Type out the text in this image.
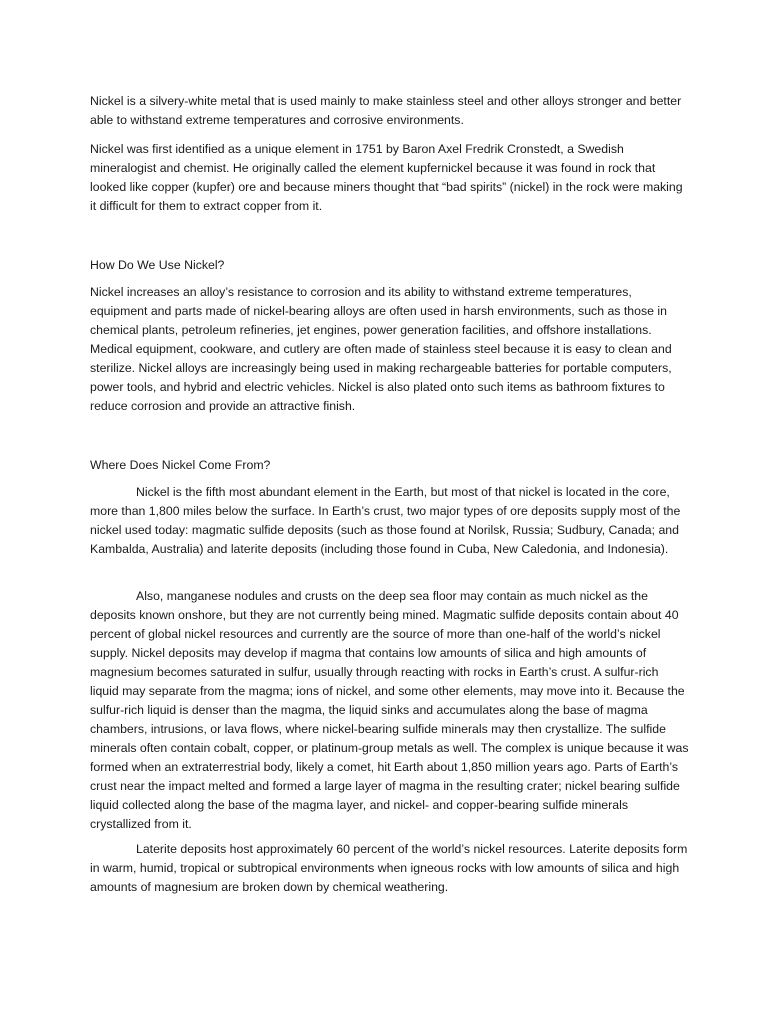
Nickel is a silvery-white metal that is used mainly to make stainless steel and other alloys stronger and better able to withstand extreme temperatures and corrosive environments.

Nickel was first identified as a unique element in 1751 by Baron Axel Fredrik Cronstedt, a Swedish mineralogist and chemist. He originally called the element kupfernickel because it was found in rock that looked like copper (kupfer) ore and because miners thought that “bad spirits” (nickel) in the rock were making it difficult for them to extract copper from it.

How Do We Use Nickel?

Nickel increases an alloy’s resistance to corrosion and its ability to withstand extreme temperatures, equipment and parts made of nickel-bearing alloys are often used in harsh environments, such as those in chemical plants, petroleum refineries, jet engines, power generation facilities, and offshore installations. Medical equipment, cookware, and cutlery are often made of stainless steel because it is easy to clean and sterilize. Nickel alloys are increasingly being used in making rechargeable batteries for portable computers, power tools, and hybrid and electric vehicles. Nickel is also plated onto such items as bathroom fixtures to reduce corrosion and provide an attractive finish.

Where Does Nickel Come From?

Nickel is the fifth most abundant element in the Earth, but most of that nickel is located in the core, more than 1,800 miles below the surface. In Earth’s crust, two major types of ore deposits supply most of the nickel used today: magmatic sulfide deposits (such as those found at Norilsk, Russia; Sudbury, Canada; and Kambalda, Australia) and laterite deposits (including those found in Cuba, New Caledonia, and Indonesia).

Also, manganese nodules and crusts on the deep sea floor may contain as much nickel as the deposits known onshore, but they are not currently being mined. Magmatic sulfide deposits contain about 40 percent of global nickel resources and currently are the source of more than one-half of the world’s nickel supply. Nickel deposits may develop if magma that contains low amounts of silica and high amounts of magnesium becomes saturated in sulfur, usually through reacting with rocks in Earth’s crust. A sulfur-rich liquid may separate from the magma; ions of nickel, and some other elements, may move into it. Because the sulfur-rich liquid is denser than the magma, the liquid sinks and accumulates along the base of magma chambers, intrusions, or lava flows, where nickel-bearing sulfide minerals may then crystallize. The sulfide minerals often contain cobalt, copper, or platinum-group metals as well. The complex is unique because it was formed when an extraterrestrial body, likely a comet, hit Earth about 1,850 million years ago. Parts of Earth’s crust near the impact melted and formed a large layer of magma in the resulting crater; nickel bearing sulfide liquid collected along the base of the magma layer, and nickel- and copper-bearing sulfide minerals crystallized from it.

Laterite deposits host approximately 60 percent of the world’s nickel resources. Laterite deposits form in warm, humid, tropical or subtropical environments when igneous rocks with low amounts of silica and high amounts of magnesium are broken down by chemical weathering.
